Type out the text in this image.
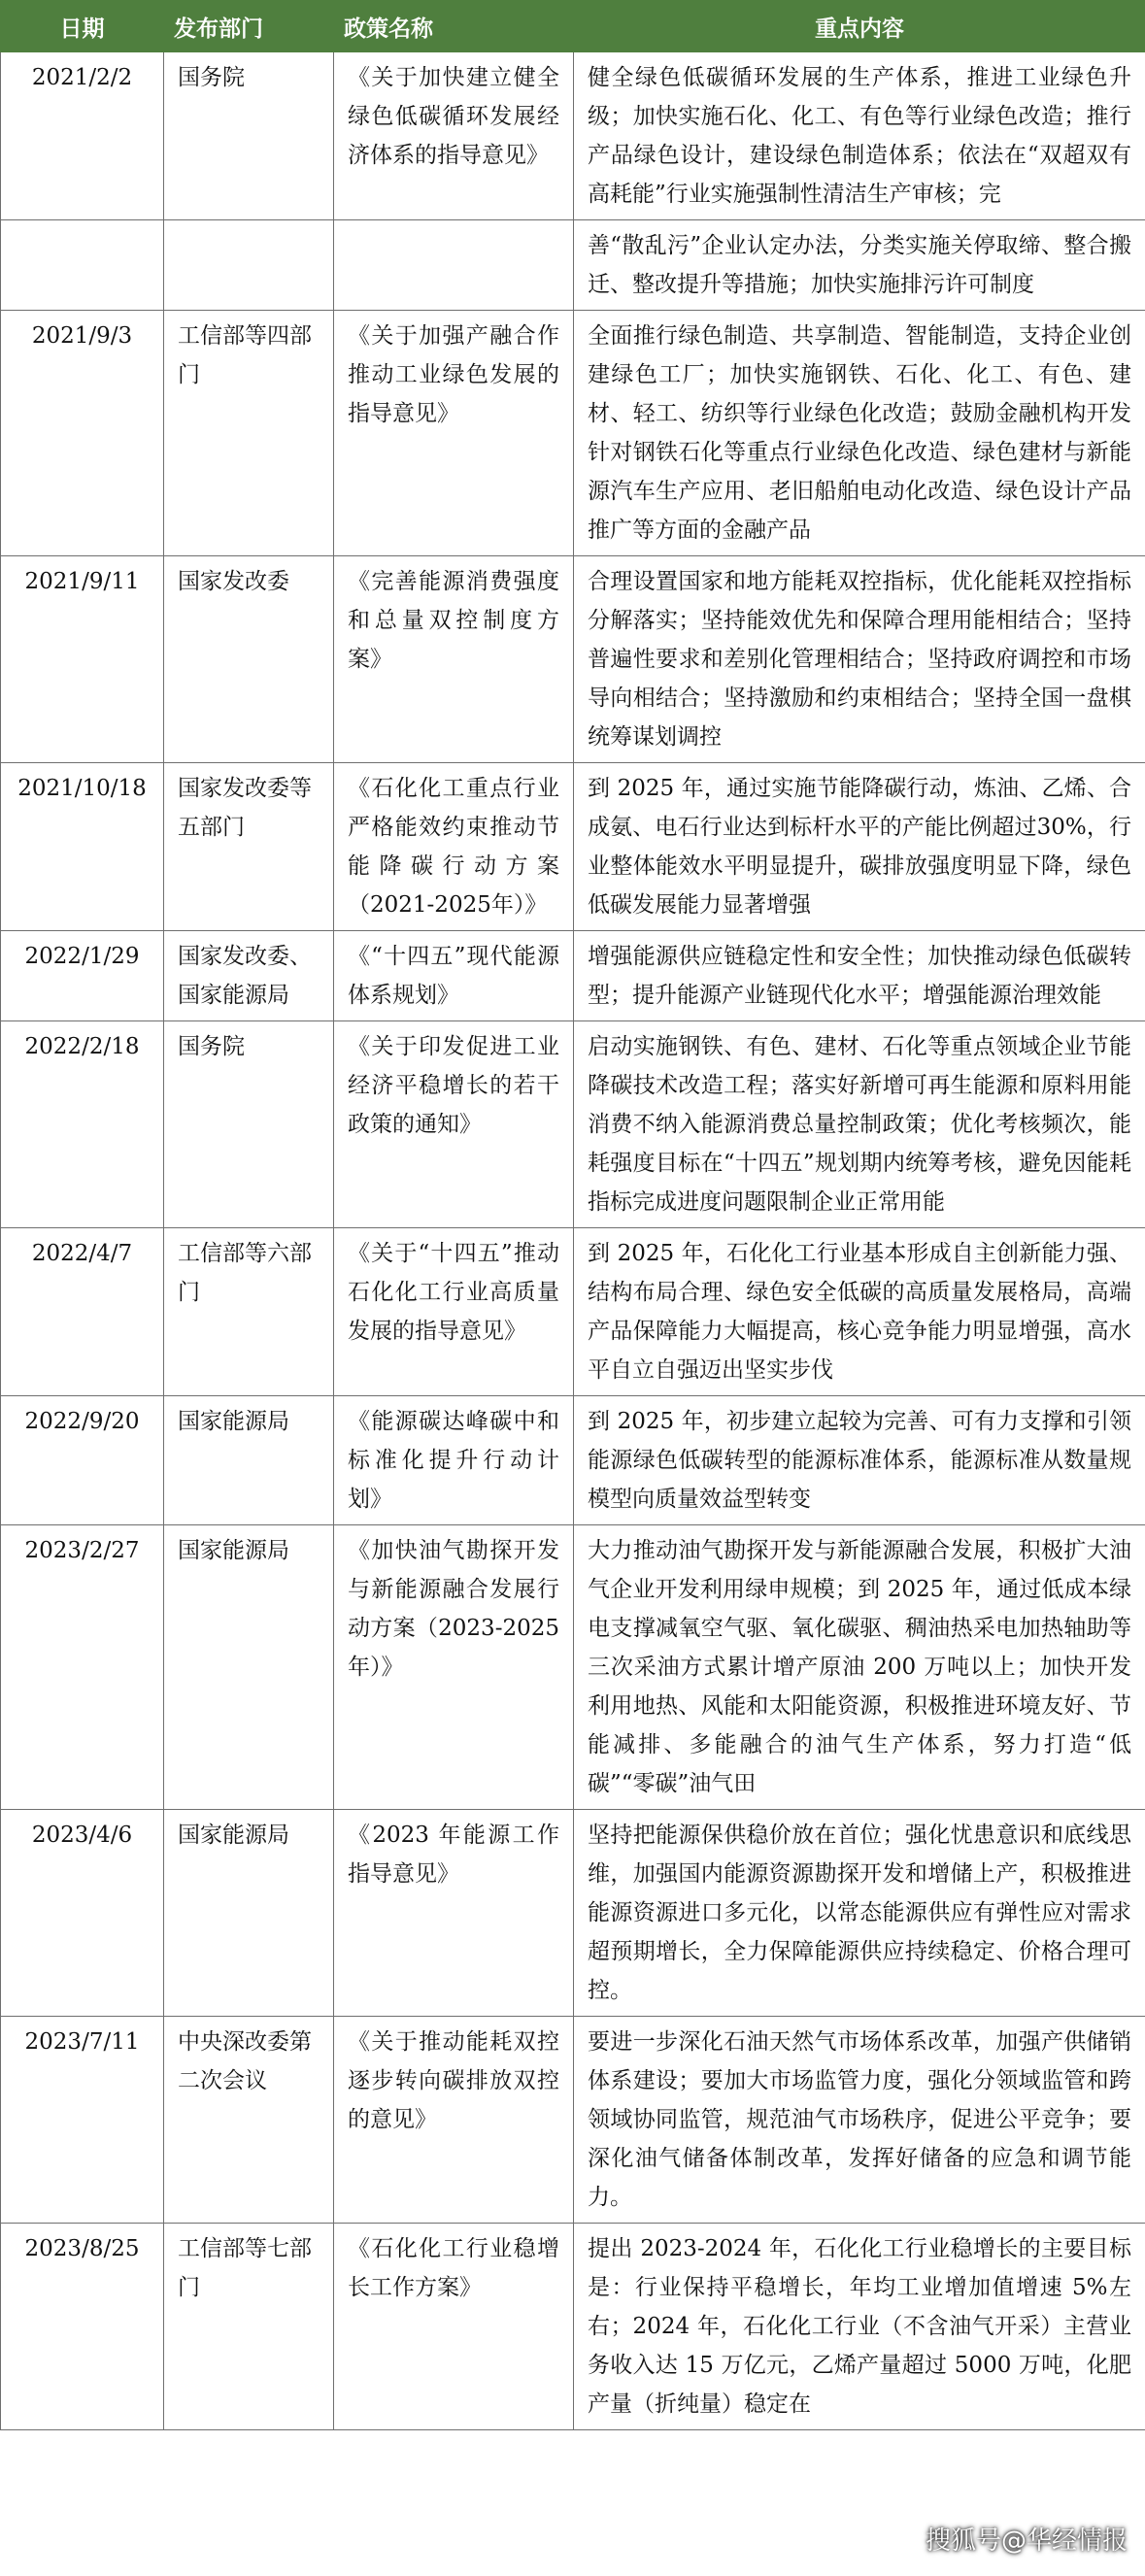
日期	发布部门	政策名称	重点内容
2021/2/2	国务院	《关于加快建立健全绿色低碳循环发展经济体系的指导意见》	健全绿色低碳循环发展的生产体系，推进工业绿色升级；加快实施石化、化工、有色等行业绿色改造；推行产品绿色设计，建设绿色制造体系；依法在“双超双有高耗能”行业实施强制性清洁生产审核；完
			善“散乱污”企业认定办法，分类实施关停取缔、整合搬迁、整改提升等措施；加快实施排污许可制度
2021/9/3	工信部等四部门	《关于加强产融合作推动工业绿色发展的指导意见》	全面推行绿色制造、共享制造、智能制造，支持企业创建绿色工厂；加快实施钢铁、石化、化工、有色、建材、轻工、纺织等行业绿色化改造；鼓励金融机构开发针对钢铁石化等重点行业绿色化改造、绿色建材与新能源汽车生产应用、老旧船舶电动化改造、绿色设计产品推广等方面的金融产品
2021/9/11	国家发改委	《完善能源消费强度和总量双控制度方案》	合理设置国家和地方能耗双控指标，优化能耗双控指标分解落实；坚持能效优先和保障合理用能相结合；坚持普遍性要求和差别化管理相结合；坚持政府调控和市场导向相结合；坚持激励和约束相结合；坚持全国一盘棋统筹谋划调控
2021/10/18	国家发改委等五部门	《石化化工重点行业严格能效约束推动节能降碳行动方案（2021-2025年）》	到 2025 年，通过实施节能降碳行动，炼油、乙烯、合成氨、电石行业达到标杆水平的产能比例超过30%，行业整体能效水平明显提升，碳排放强度明显下降，绿色低碳发展能力显著增强
2022/1/29	国家发改委、国家能源局	《“十四五”现代能源体系规划》	增强能源供应链稳定性和安全性；加快推动绿色低碳转型；提升能源产业链现代化水平；增强能源治理效能
2022/2/18	国务院	《关于印发促进工业经济平稳增长的若干政策的通知》	启动实施钢铁、有色、建材、石化等重点领域企业节能降碳技术改造工程；落实好新增可再生能源和原料用能消费不纳入能源消费总量控制政策；优化考核频次，能耗强度目标在“十四五”规划期内统筹考核，避免因能耗指标完成进度问题限制企业正常用能
2022/4/7	工信部等六部门	《关于“十四五”推动石化化工行业高质量发展的指导意见》	到 2025 年，石化化工行业基本形成自主创新能力强、结构布局合理、绿色安全低碳的高质量发展格局，高端产品保障能力大幅提高，核心竞争能力明显增强，高水平自立自强迈出坚实步伐
2022/9/20	国家能源局	《能源碳达峰碳中和标准化提升行动计划》	到 2025 年，初步建立起较为完善、可有力支撑和引领能源绿色低碳转型的能源标准体系，能源标准从数量规模型向质量效益型转变
2023/2/27	国家能源局	《加快油气勘探开发与新能源融合发展行动方案（2023-2025年）》	大力推动油气勘探开发与新能源融合发展，积极扩大油气企业开发利用绿申规模；到 2025 年，通过低成本绿电支撑减氧空气驱、氧化碳驱、稠油热采电加热轴助等三次采油方式累计增产原油 200 万吨以上；加快开发利用地热、风能和太阳能资源，积极推进环境友好、节能减排、多能融合的油气生产体系，努力打造“低碳”“零碳”油气田
2023/4/6	国家能源局	《2023 年能源工作指导意见》	坚持把能源保供稳价放在首位；强化忧患意识和底线思维，加强国内能源资源勘探开发和增储上产，积极推进能源资源进口多元化，以常态能源供应有弹性应对需求超预期增长，全力保障能源供应持续稳定、价格合理可控。
2023/7/11	中央深改委第二次会议	《关于推动能耗双控逐步转向碳排放双控的意见》	要进一步深化石油天然气市场体系改革，加强产供储销体系建设；要加大市场监管力度，强化分领域监管和跨领域协同监管，规范油气市场秩序，促进公平竞争；要深化油气储备体制改革，发挥好储备的应急和调节能力。
2023/8/25	工信部等七部门	《石化化工行业稳增长工作方案》	提出 2023-2024 年，石化化工行业稳增长的主要目标是：行业保持平稳增长，年均工业增加值增速 5%左右；2024 年，石化化工行业（不含油气开采）主营业务收入达 15 万亿元，乙烯产量超过 5000 万吨，化肥产量（折纯量）稳定在
搜狐号@华经情报
